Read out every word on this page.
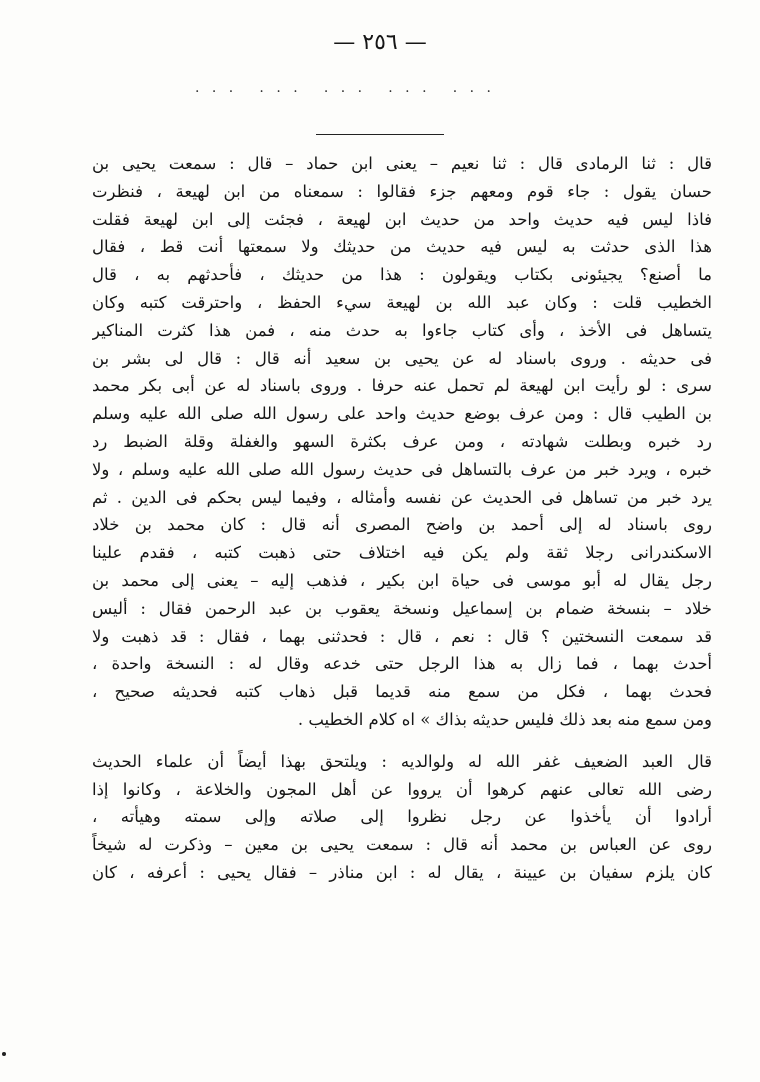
— ٢٥٦ —
· · · · · · · · · · · · · · ·
قال : ثنا الرمادى قال : ثنا نعيم – يعنى ابن حماد – قال : سمعت يحيى بن
حسان يقول : جاء قوم ومعهم جزء فقالوا : سمعناه من ابن لهيعة ، فنظرت
فاذا ليس فيه حديث واحد من حديث ابن لهيعة ، فجئت إلى ابن لهيعة فقلت
هذا الذى حدثت به ليس فيه حديث من حديثك ولا سمعتها أنت قط ، فقال
ما أصنع؟ يجيئونى بكتاب ويقولون : هذا من حديثك ، فأحدثهم به ، قال
الخطيب قلت : وكان عبد الله بن لهيعة سيء الحفظ ، واحترقت كتبه وكان
يتساهل فى الأخذ ، وأى كتاب جاءوا به حدث منه ، فمن هذا كثرت المناكير
فى حديثه . وروى باسناد له عن يحيى بن سعيد أنه قال : قال لى بشر بن
سرى : لو رأيت ابن لهيعة لم تحمل عنه حرفا . وروى باسناد له عن أبى بكر محمد
بن الطيب قال : ومن عرف بوضع حديث واحد على رسول الله صلى الله عليه وسلم
رد خبره وبطلت شهادته ، ومن عرف بكثرة السهو والغفلة وقلة الضبط رد
خبره ، ويرد خبر من عرف بالتساهل فى حديث رسول الله صلى الله عليه وسلم ، ولا
يرد خبر من تساهل فى الحديث عن نفسه وأمثاله ، وفيما ليس بحكم فى الدين . ثم
روى باسناد له إلى أحمد بن واضح المصرى أنه قال : كان محمد بن خلاد
الاسكندرانى رجلا ثقة ولم يكن فيه اختلاف حتى ذهبت كتبه ، فقدم علينا
رجل يقال له أبو موسى فى حياة ابن بكير ، فذهب إليه – يعنى إلى محمد بن
خلاد – بنسخة ضمام بن إسماعيل ونسخة يعقوب بن عبد الرحمن فقال : أليس
قد سمعت النسختين ؟ قال : نعم ، قال : فحدثنى بهما ، فقال : قد ذهبت ولا
أحدث بهما ، فما زال به هذا الرجل حتى خدعه وقال له : النسخة واحدة ،
فحدث بهما ، فكل من سمع منه قديما قبل ذهاب كتبه فحديثه صحيح ،
ومن سمع منه بعد ذلك فليس حديثه بذاك » اه كلام الخطيب .
قال العبد الضعيف غفر الله له ولوالديه : ويلتحق بهذا أيضاً أن علماء الحديث
رضى الله تعالى عنهم كرهوا أن يرووا عن أهل المجون والخلاعة ، وكانوا إذا
أرادوا أن يأخذوا عن رجل نظروا إلى صلاته وإلى سمته وهيأته ،
روى عن العباس بن محمد أنه قال : سمعت يحيى بن معين – وذكرت له شيخاً
كان يلزم سفيان بن عيينة ، يقال له : ابن مناذر – فقال يحيى : أعرفه ، كان
